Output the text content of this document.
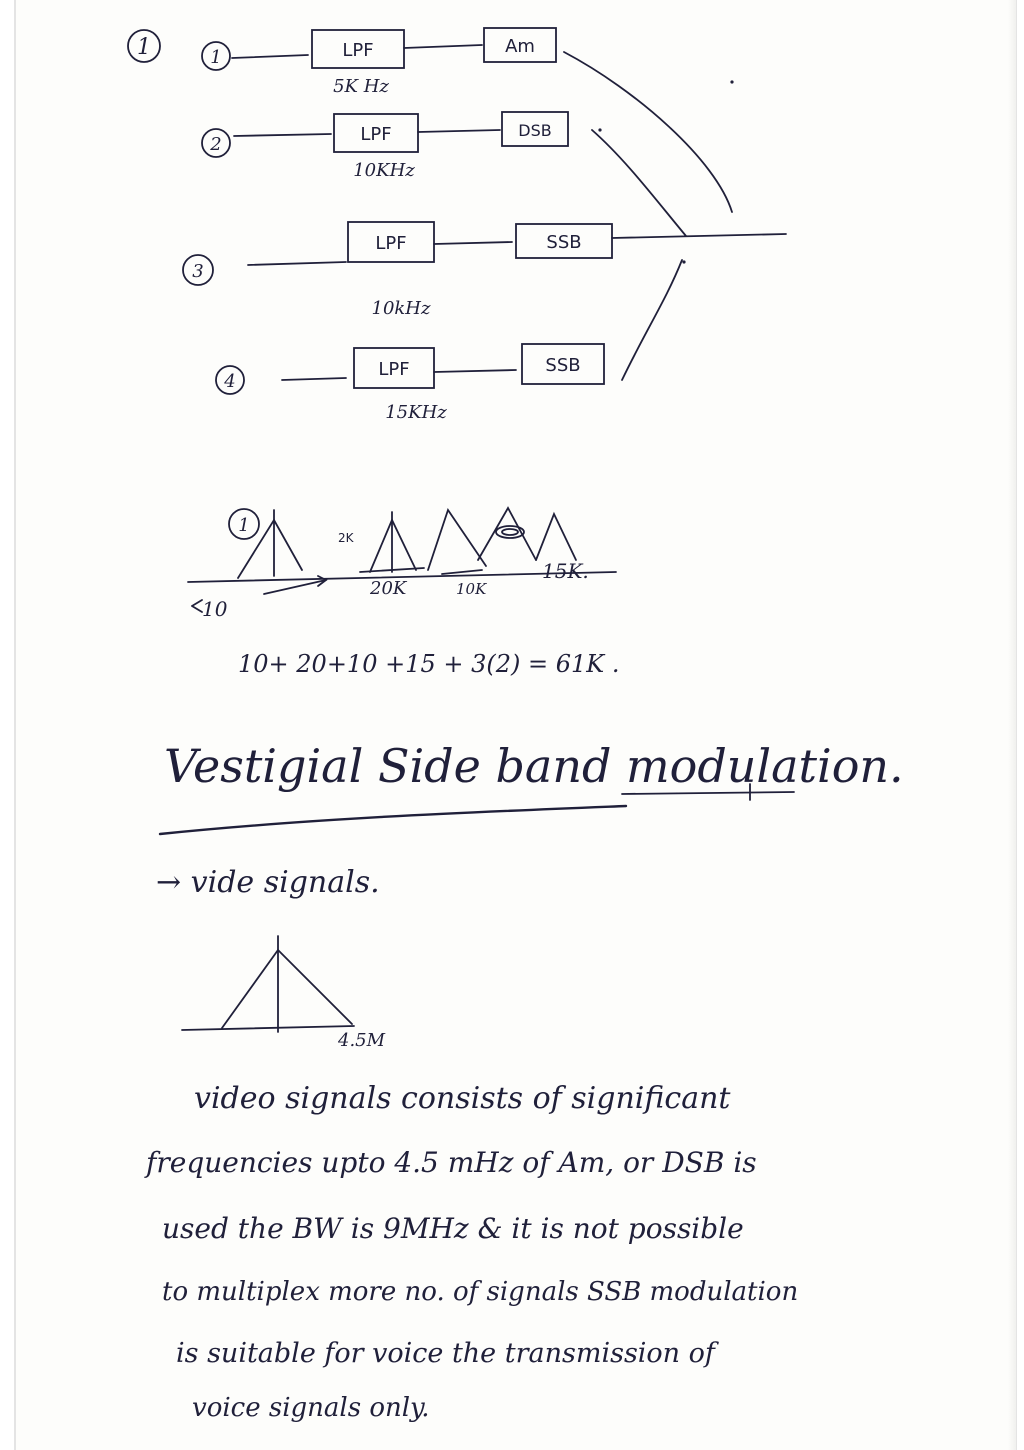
1	1	LPF
5K Hz
Am
2	LPF
10KHz
DSB
3
LPF
10kHz
SSB
4
LPF
15KHz
SSB
1
2K
10
20K	10K
15K.
10+ 20+10 +15 + 3(2) = 61K .
Vestigial Side band modulation.
→ vide signals.
4.5M
video signals consists of significant
frequencies upto 4.5 mHz of Am, or DSB is
used the BW is 9MHz & it is not possible
to multiplex more no. of signals SSB modulation
is suitable for voice the transmission of
voice signals only.
